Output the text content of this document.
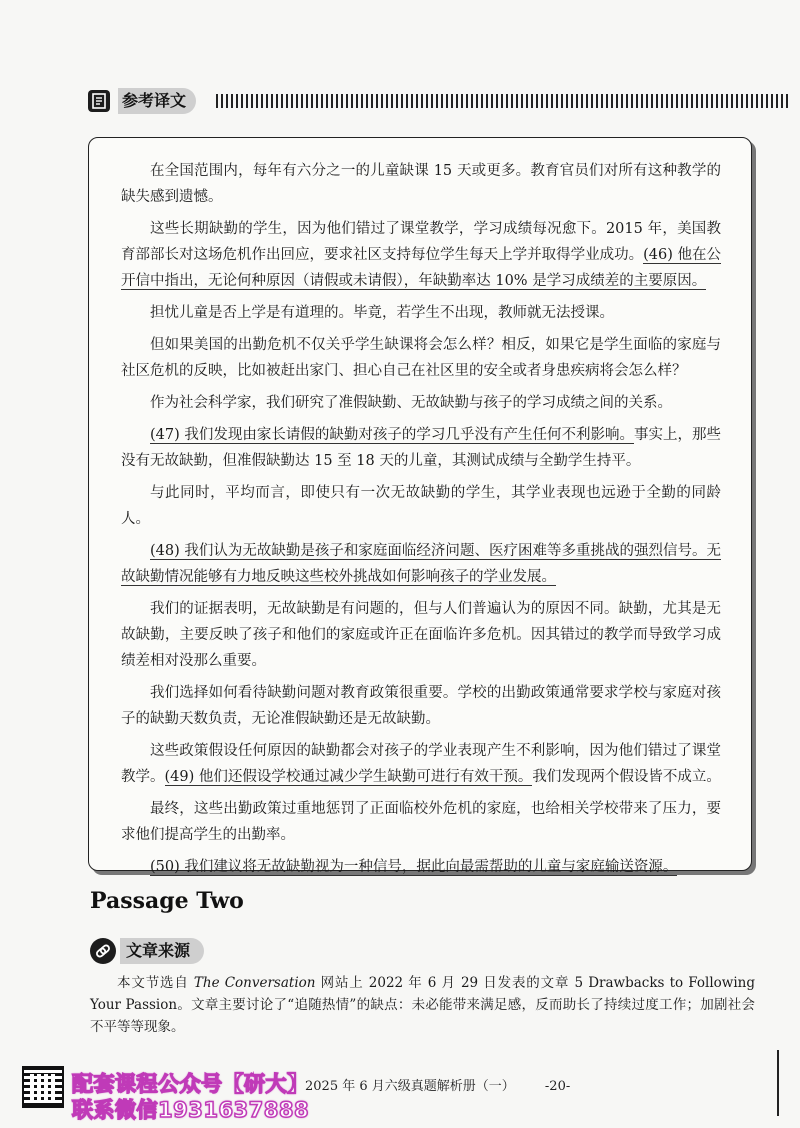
参考译文

在全国范围内，每年有六分之一的儿童缺课 15 天或更多。教育官员们对所有这种教学的缺失感到遗憾。

这些长期缺勤的学生，因为他们错过了课堂教学，学习成绩每况愈下。2015 年，美国教育部部长对这场危机作出回应，要求社区支持每位学生每天上学并取得学业成功。(46) 他在公开信中指出，无论何种原因（请假或未请假），年缺勤率达 10% 是学习成绩差的主要原因。

担忧儿童是否上学是有道理的。毕竟，若学生不出现，教师就无法授课。

但如果美国的出勤危机不仅关乎学生缺课将会怎么样？相反，如果它是学生面临的家庭与社区危机的反映，比如被赶出家门、担心自己在社区里的安全或者身患疾病将会怎么样？

作为社会科学家，我们研究了准假缺勤、无故缺勤与孩子的学习成绩之间的关系。

(47) 我们发现由家长请假的缺勤对孩子的学习几乎没有产生任何不利影响。事实上，那些没有无故缺勤，但准假缺勤达 15 至 18 天的儿童，其测试成绩与全勤学生持平。

与此同时，平均而言，即使只有一次无故缺勤的学生，其学业表现也远逊于全勤的同龄人。

(48) 我们认为无故缺勤是孩子和家庭面临经济问题、医疗困难等多重挑战的强烈信号。无故缺勤情况能够有力地反映这些校外挑战如何影响孩子的学业发展。

我们的证据表明，无故缺勤是有问题的，但与人们普遍认为的原因不同。缺勤，尤其是无故缺勤，主要反映了孩子和他们的家庭或许正在面临许多危机。因其错过的教学而导致学习成绩差相对没那么重要。

我们选择如何看待缺勤问题对教育政策很重要。学校的出勤政策通常要求学校与家庭对孩子的缺勤天数负责，无论准假缺勤还是无故缺勤。

这些政策假设任何原因的缺勤都会对孩子的学业表现产生不利影响，因为他们错过了课堂教学。(49) 他们还假设学校通过减少学生缺勤可进行有效干预。我们发现两个假设皆不成立。

最终，这些出勤政策过重地惩罚了正面临校外危机的家庭，也给相关学校带来了压力，要求他们提高学生的出勤率。

(50) 我们建议将无故缺勤视为一种信号，据此向最需帮助的儿童与家庭输送资源。

Passage Two
文章来源
本文节选自 The Conversation 网站上 2022 年 6 月 29 日发表的文章 5 Drawbacks to Following Your Passion。文章主要讨论了“追随热情”的缺点：未必能带来满足感，反而助长了持续过度工作；加剧社会不平等等现象。
配套课程公众号【研大】
联系微信1931637888
2025 年 6 月六级真题解析册（一） -20-
